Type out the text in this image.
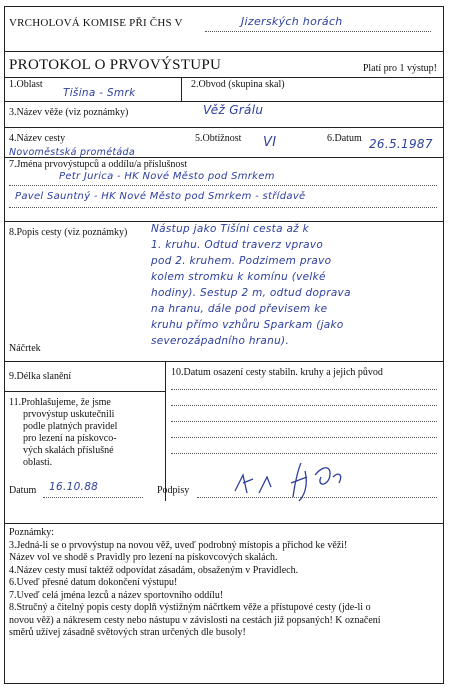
VRCHOLOVÁ KOMISE PŘI ČHS V	Jizerských horách
PROTOKOL O PRVOVÝSTUPU	Platí pro 1 výstup!
1.Oblast
Tišina - Smrk
2.Obvod (skupina skal)
3.Název věže (viz poznámky)	Věž Grálu
4.Název cesty
Novoměstská prométáda
5.Obtížnost VI	6.Datum 26.5.1987
7.Jména prvovýstupců a oddílu/a příslušnost
Petr Jurica - HK Nové Město pod Smrkem
Pavel Sauntný - HK Nové Město pod Smrkem - střídavě
8.Popis cesty (viz poznámky) Nástup jako Tišíni cesta až k
1. kruhu. Odtud traverz vpravo
pod 2. kruhem. Podzimem pravo
kolem stromku k komínu (velké
hodiny). Sestup 2 m, odtud doprava
na hranu, dále pod převisem ke
kruhu přímo vzhůru Sparkam (jako
severozápadního hranu).
Náčrtek
9.Délka slanění	10.Datum osazení cesty stabiln. kruhy a jejich původ
11.Prohlašujeme, že jsme
prvovýstup uskutečnili
podle platných pravidel
pro lezení na pískovco-
vých skalách příslušné
oblasti.
Datum 16.10.88	Podpisy
Poznámky:
3.Jedná-li se o prvovýstup na novou věž, uveď podrobný místopis a přichod ke věži!
Název vol ve shodě s Pravidly pro lezení na pískovcových skalách.
4.Název cesty musí taktéž odpovídat zásadám, obsaženým v Pravidlech.
6.Uveď přesné datum dokončení výstupu!
7.Uveď celá jména lezců a název sportovního oddílu!
8.Stručný a čitelný popis cesty doplň výstižným náčrtkem věže a přístupové cesty (jde-li o
novou věž) a nákresem cesty nebo nástupu v závislosti na cestách již popsaných! K označení
směrů užívej zásadně světových stran určených dle busoly!
